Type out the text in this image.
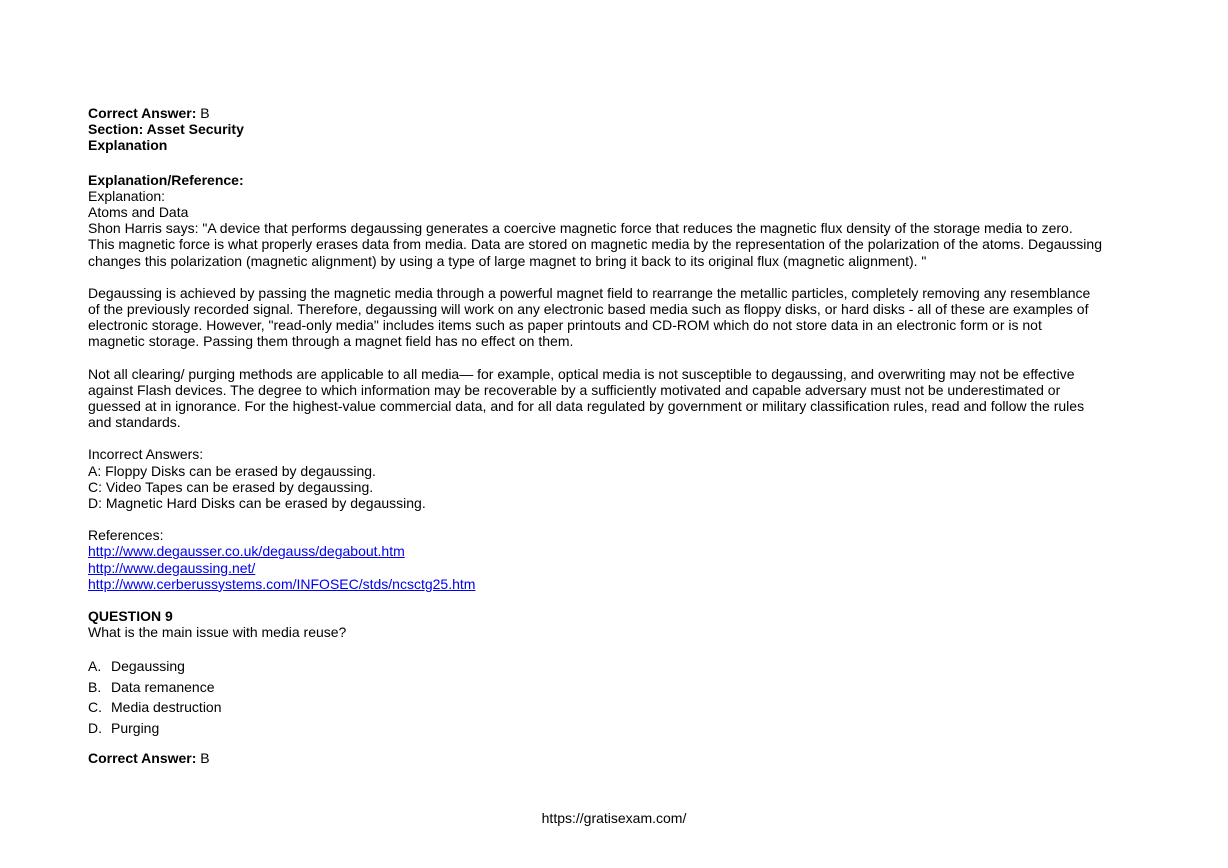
Correct Answer: B

Section: Asset Security

Explanation

Explanation/Reference:

Explanation:

Atoms and Data

Shon Harris says: "A device that performs degaussing generates a coercive magnetic force that reduces the magnetic flux density of the storage media to zero.

This magnetic force is what properly erases data from media. Data are stored on magnetic media by the representation of the polarization of the atoms. Degaussing

changes this polarization (magnetic alignment) by using a type of large magnet to bring it back to its original flux (magnetic alignment). "

Degaussing is achieved by passing the magnetic media through a powerful magnet field to rearrange the metallic particles, completely removing any resemblance

of the previously recorded signal. Therefore, degaussing will work on any electronic based media such as floppy disks, or hard disks - all of these are examples of

electronic storage. However, "read-only media" includes items such as paper printouts and CD-ROM which do not store data in an electronic form or is not

magnetic storage. Passing them through a magnet field has no effect on them.

Not all clearing/ purging methods are applicable to all media— for example, optical media is not susceptible to degaussing, and overwriting may not be effective

against Flash devices. The degree to which information may be recoverable by a sufficiently motivated and capable adversary must not be underestimated or

guessed at in ignorance. For the highest-value commercial data, and for all data regulated by government or military classification rules, read and follow the rules

and standards.

Incorrect Answers:

A: Floppy Disks can be erased by degaussing.

C: Video Tapes can be erased by degaussing.

D: Magnetic Hard Disks can be erased by degaussing.

References:

http://www.degausser.co.uk/degauss/degabout.htm

http://www.degaussing.net/

http://www.cerberussystems.com/INFOSEC/stds/ncsctg25.htm

QUESTION 9

What is the main issue with media reuse?

A. Degaussing
B. Data remanence
C. Media destruction
D. Purging

Correct Answer: B

https://gratisexam.com/
